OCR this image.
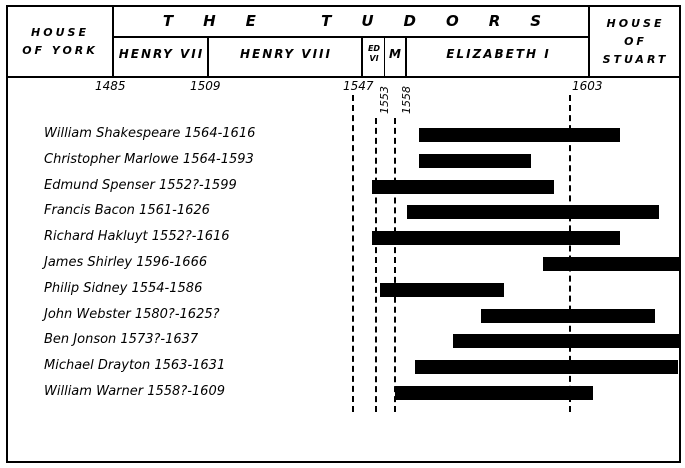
HOUSE
OF YORK
THE TUDORS	HOUSE
OF STUART
HENRY VII	HENRY VIII	ED
VI M	ELIZABETH I
1485	1509	1547 1553 1558	1603
William Shakespeare 1564-1616
Christopher Marlowe 1564-1593
Edmund Spenser 1552?-1599
Francis Bacon 1561-1626
Richard Hakluyt 1552?-1616
James Shirley 1596-1666
Philip Sidney 1554-1586
John Webster 1580?-1625?
Ben Jonson 1573?-1637
Michael Drayton 1563-1631
William Warner 1558?-1609
